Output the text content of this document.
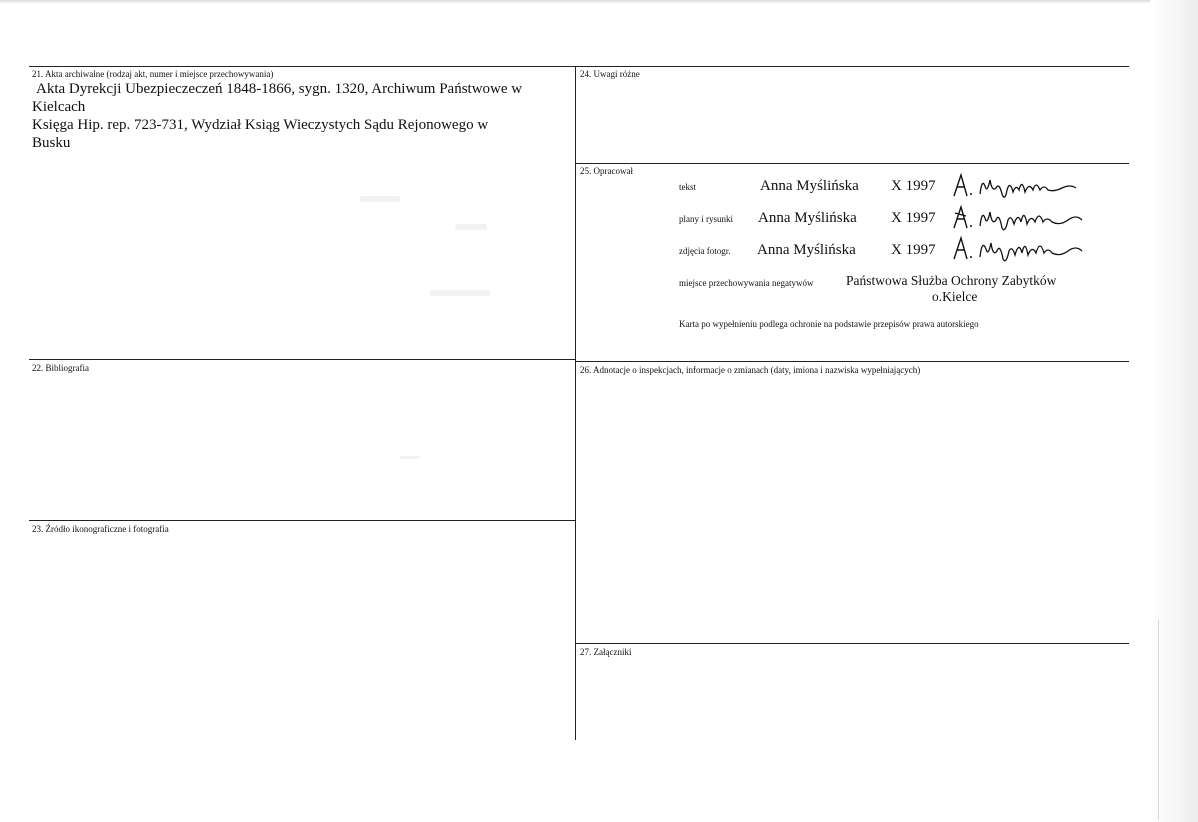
21. Akta archiwalne (rodzaj akt, numer i miejsce przechowywania)
Akta Dyrekcji Ubezpieczeczeń 1848-1866, sygn. 1320, Archiwum Państwowe w
Kielcach
Księga Hip. rep. 723-731, Wydział Ksiąg Wieczystych Sądu Rejonowego w
Busku
22. Bibliografia
23. Źródło ikonograficzne i fotografia
24. Uwagi różne
25. Opracował
tekst	Anna Myślińska X 1997
plany i rysunki Anna Myślińska X 1997
zdjęcia fotogr. Anna Myślińska X 1997
miejsce przechowywania negatywów Państwowa Służba Ochrony Zabytków
o.Kielce
Karta po wypełnieniu podlega ochronie na podstawie przepisów prawa autorskiego
26. Adnotacje o inspekcjach, informacje o zmianach (daty, imiona i nazwiska wypełniających)
27. Załączniki
